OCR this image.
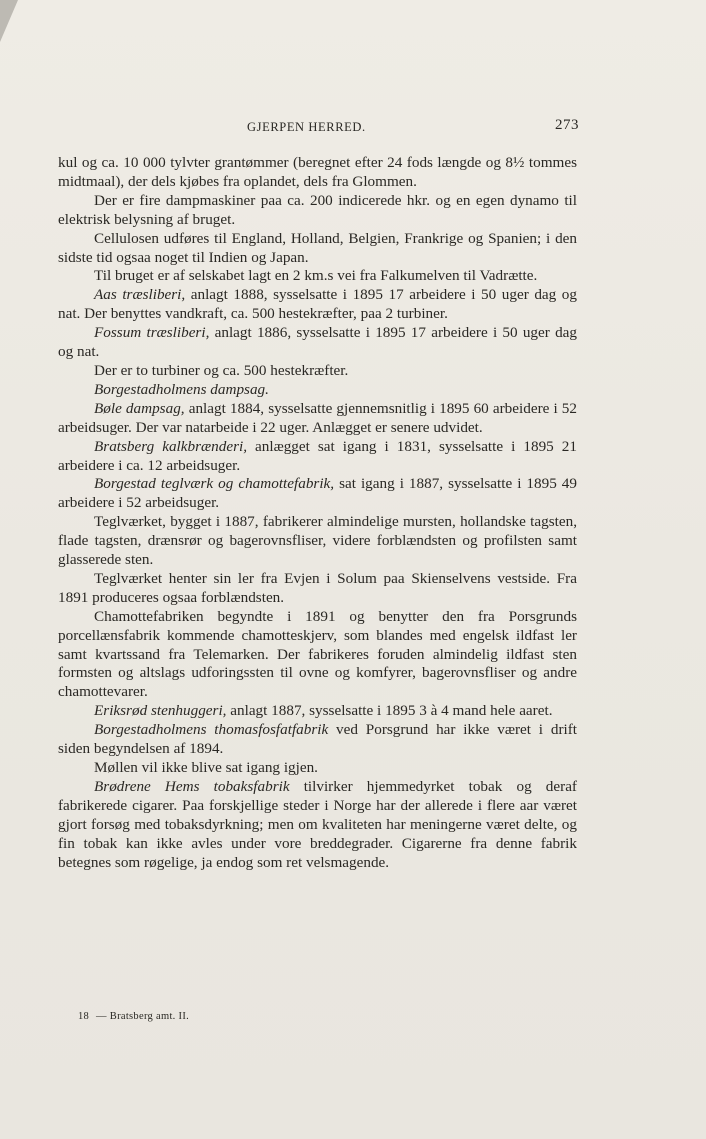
GJERPEN HERRED.	273

kul og ca. 10 000 tylvter grantømmer (beregnet efter 24 fods længde og 8½ tommes midtmaal), der dels kjøbes fra oplandet, dels fra Glommen.

Der er fire dampmaskiner paa ca. 200 indicerede hkr. og en egen dynamo til elektrisk belysning af bruget.

Cellulosen udføres til England, Holland, Belgien, Frankrige og Spanien; i den sidste tid ogsaa noget til Indien og Japan.

Til bruget er af selskabet lagt en 2 km.s vei fra Falkumelven til Vadrætte.

Aas træsliberi, anlagt 1888, sysselsatte i 1895 17 arbeidere i 50 uger dag og nat. Der benyttes vandkraft, ca. 500 hestekræfter, paa 2 turbiner.

Fossum træsliberi, anlagt 1886, sysselsatte i 1895 17 arbeidere i 50 uger dag og nat.

Der er to turbiner og ca. 500 hestekræfter.

Borgestadholmens dampsag.

Bøle dampsag, anlagt 1884, sysselsatte gjennemsnitlig i 1895 60 arbeidere i 52 arbeidsuger. Der var natarbeide i 22 uger. Anlægget er senere udvidet.

Bratsberg kalkbrænderi, anlægget sat igang i 1831, sysselsatte i 1895 21 arbeidere i ca. 12 arbeidsuger.

Borgestad teglværk og chamottefabrik, sat igang i 1887, sysselsatte i 1895 49 arbeidere i 52 arbeidsuger.

Teglværket, bygget i 1887, fabrikerer almindelige mursten, hollandske tagsten, flade tagsten, drænsrør og bagerovnsfliser, videre forblændsten og profilsten samt glasserede sten.

Teglværket henter sin ler fra Evjen i Solum paa Skienselvens vestside. Fra 1891 produceres ogsaa forblændsten.

Chamottefabriken begyndte i 1891 og benytter den fra Porsgrunds porcellænsfabrik kommende chamotteskjerv, som blandes med engelsk ildfast ler samt kvartssand fra Telemarken. Der fabrikeres foruden almindelig ildfast sten formsten og altslags udforingssten til ovne og komfyrer, bagerovnsfliser og andre chamottevarer.

Eriksrød stenhuggeri, anlagt 1887, sysselsatte i 1895 3 à 4 mand hele aaret.

Borgestadholmens thomasfosfatfabrik ved Porsgrund har ikke været i drift siden begyndelsen af 1894.

Møllen vil ikke blive sat igang igjen.

Brødrene Hems tobaksfabrik tilvirker hjemmedyrket tobak og deraf fabrikerede cigarer. Paa forskjellige steder i Norge har der allerede i flere aar været gjort forsøg med tobaksdyrkning; men om kvaliteten har meningerne været delte, og fin tobak kan ikke avles under vore breddegrader. Cigarerne fra denne fabrik betegnes som røgelige, ja endog som ret velsmagende.

18 — Bratsberg amt. II.
